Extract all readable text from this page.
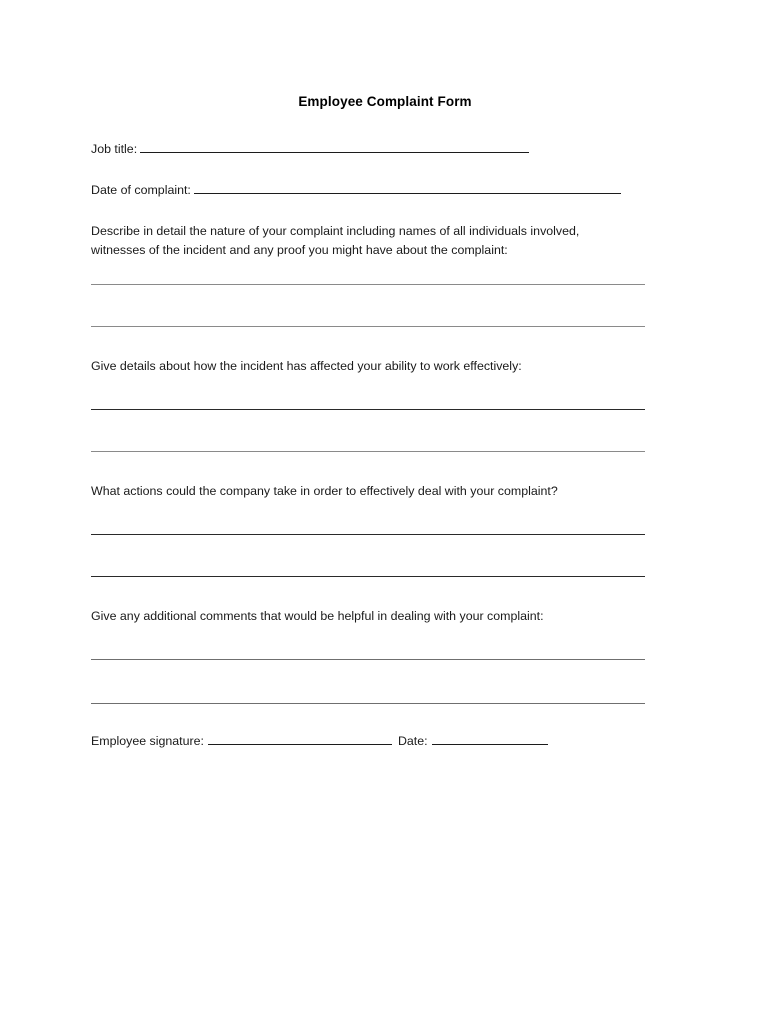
Employee Complaint Form
Job title:
Date of complaint:
Describe in detail the nature of your complaint including names of all individuals involved,
witnesses of the incident and any proof you might have about the complaint:
Give details about how the incident has affected your ability to work effectively:
What actions could the company take in order to effectively deal with your complaint?
Give any additional comments that would be helpful in dealing with your complaint:
Employee signature:	Date:
